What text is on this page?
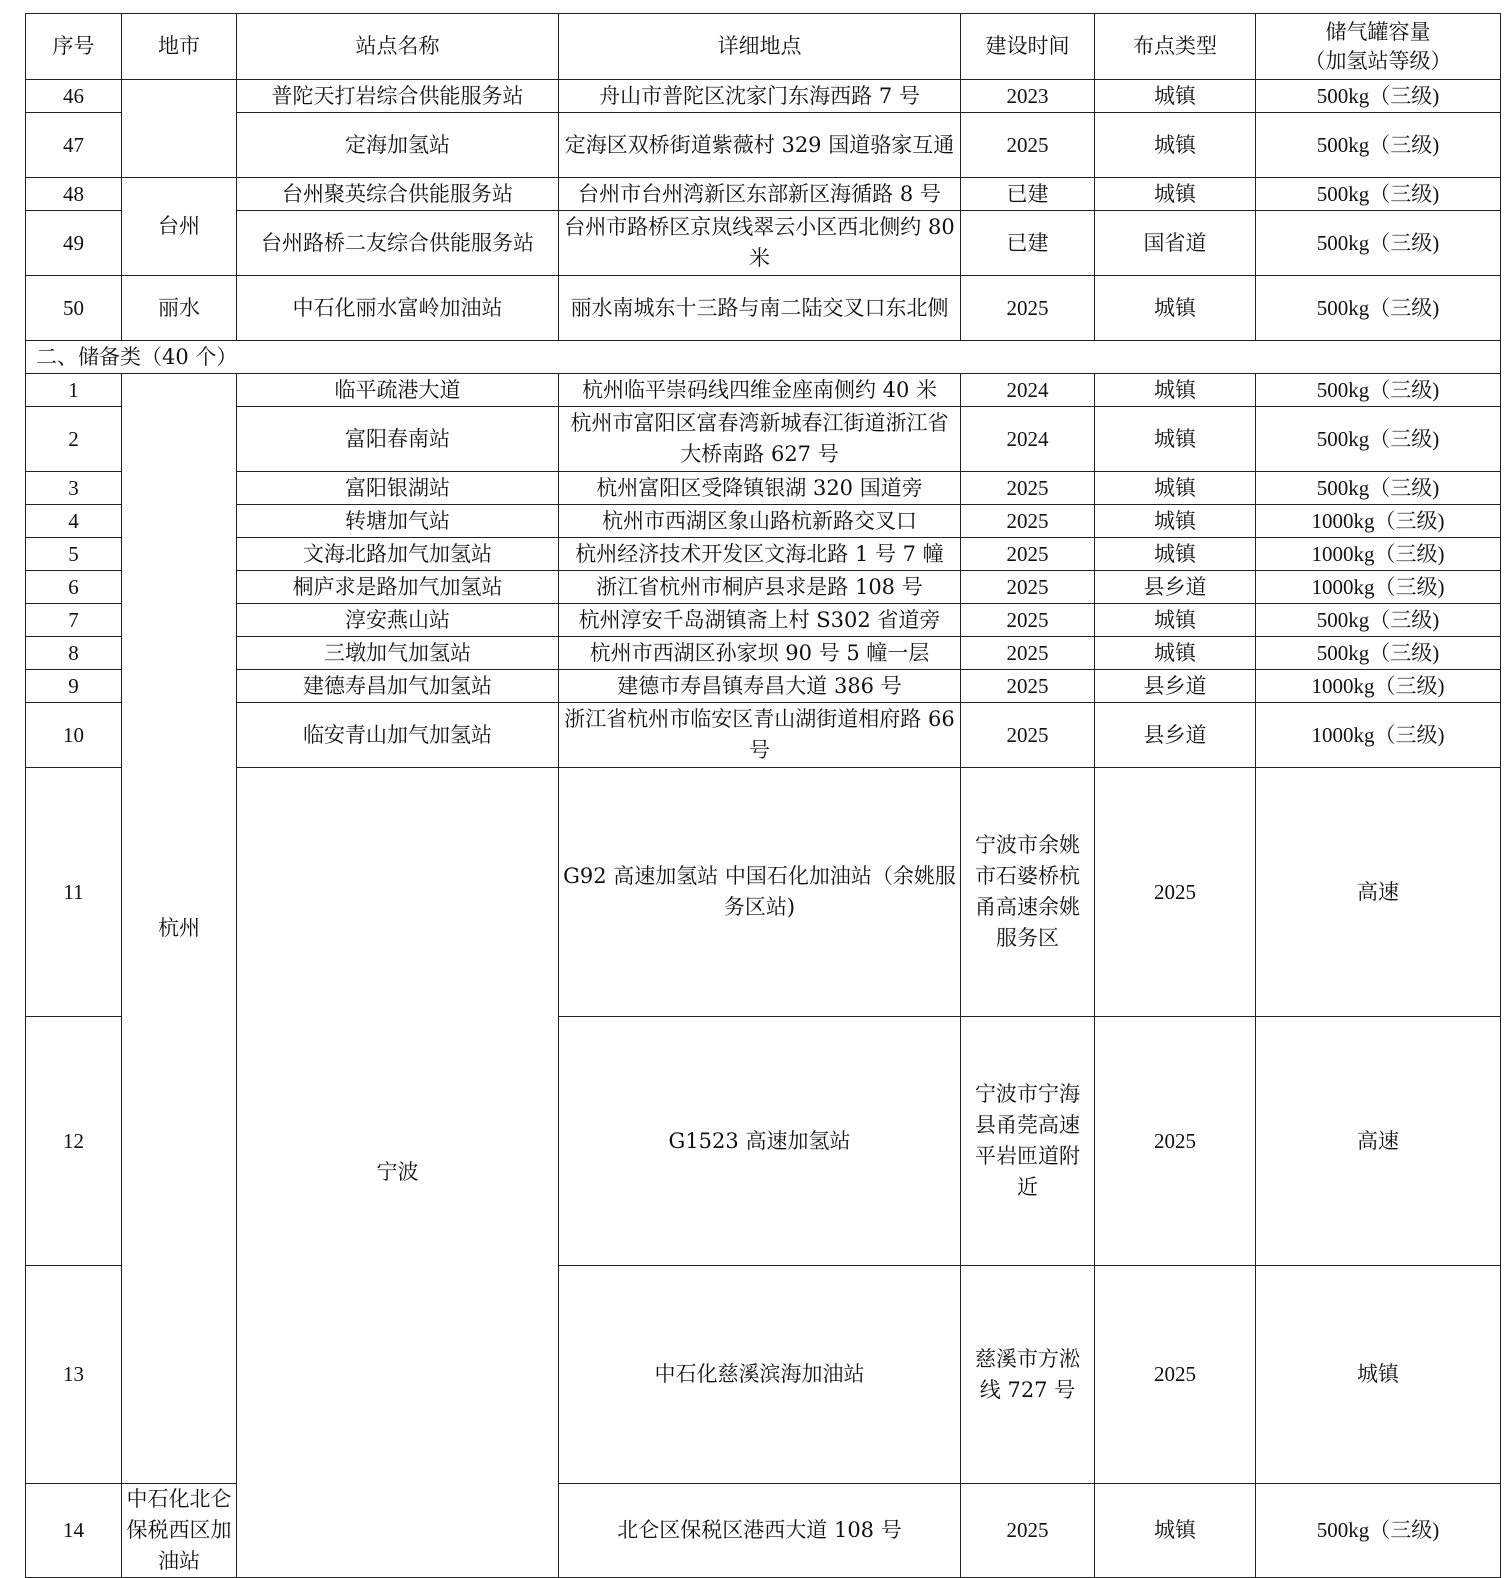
序号	地市	站点名称	详细地点	建设时间	布点类型	储气罐容量
（加氢站等级）	

46		普陀天打岩综合供能服务站	舟山市普陀区沈家门东海西路 7 号	2023	城镇	500kg（三级)	
47		定海加氢站	定海区双桥街道紫薇村 329 国道骆家互通	2025	城镇	500kg（三级)	
48	台州	台州聚英综合供能服务站	台州市台州湾新区东部新区海循路 8 号	已建	城镇	500kg（三级)	
49		台州路桥二友综合供能服务站	台州市路桥区京岚线翠云小区西北侧约 80 米	已建	国省道	500kg（三级)	
50	丽水	中石化丽水富岭加油站	丽水南城东十三路与南二陆交叉口东北侧	2025	城镇	500kg（三级)	
二、储备类（40 个）							
1	杭州	临平疏港大道	杭州临平崇码线四维金座南侧约 40 米	2024	城镇	500kg（三级)	
2		富阳春南站	杭州市富阳区富春湾新城春江街道浙江省大桥南路 627 号	2024	城镇	500kg（三级)	
3		富阳银湖站	杭州富阳区受降镇银湖 320 国道旁	2025	城镇	500kg（三级)	
4		转塘加气站	杭州市西湖区象山路杭新路交叉口	2025	城镇	1000kg（三级)	
5		文海北路加气加氢站	杭州经济技术开发区文海北路 1 号 7 幢	2025	城镇	1000kg（三级)	
6		桐庐求是路加气加氢站	浙江省杭州市桐庐县求是路 108 号	2025	县乡道	1000kg（三级)	
7		淳安燕山站	杭州淳安千岛湖镇斋上村 S302 省道旁	2025	城镇	500kg（三级)	
8		三墩加气加氢站	杭州市西湖区孙家坝 90 号 5 幢一层	2025	城镇	500kg（三级)	
9		建德寿昌加气加氢站	建德市寿昌镇寿昌大道 386 号	2025	县乡道	1000kg（三级)	
10		临安青山加气加氢站	浙江省杭州市临安区青山湖街道相府路 66 号	2025	县乡道	1000kg（三级)	
11		宁波	G92 高速加氢站 中国石化加油站（余姚服务区站)	宁波市余姚市石婆桥杭甬高速余姚服务区	2025	高速	
12			G1523 高速加氢站	宁波市宁海县甬莞高速平岩匝道附近	2025	高速	
13			中石化慈溪滨海加油站	慈溪市方淞线 727 号	2025	城镇	
14	中石化北仑保税西区加油站		北仑区保税区港西大道 108 号	2025	城镇	500kg（三级)	
